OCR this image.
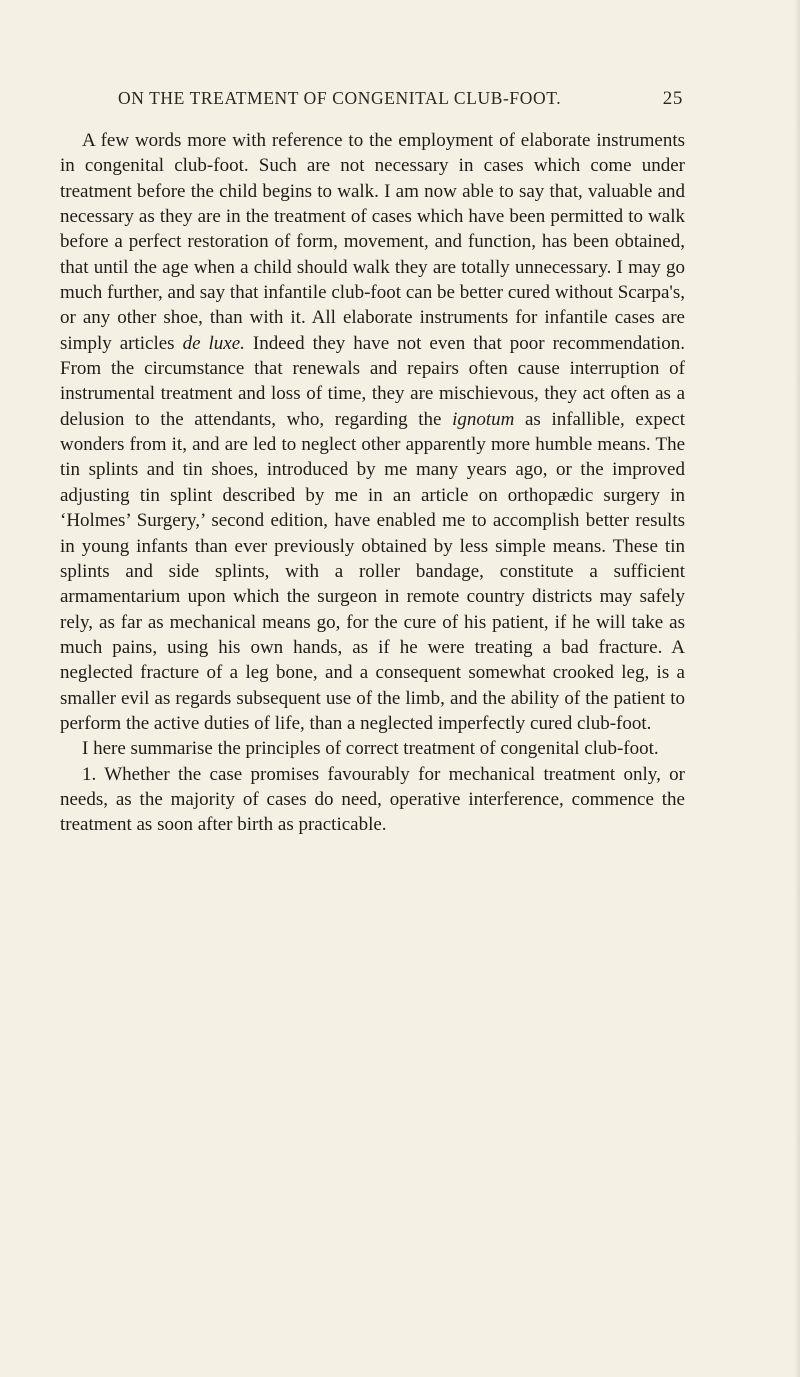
ON THE TREATMENT OF CONGENITAL CLUB-FOOT.	25

A few words more with reference to the employment of elaborate instruments in congenital club-foot. Such are not necessary in cases which come under treatment before the child begins to walk. I am now able to say that, valuable and necessary as they are in the treatment of cases which have been permitted to walk before a perfect restoration of form, movement, and function, has been obtained, that until the age when a child should walk they are totally unnecessary. I may go much further, and say that infantile club-foot can be better cured without Scarpa's, or any other shoe, than with it. All elaborate instruments for infantile cases are simply articles de luxe. Indeed they have not even that poor recommendation. From the circumstance that renewals and repairs often cause interruption of instrumental treatment and loss of time, they are mischievous, they act often as a delusion to the attendants, who, regarding the ignotum as infallible, expect wonders from it, and are led to neglect other apparently more humble means. The tin splints and tin shoes, introduced by me many years ago, or the improved adjusting tin splint described by me in an article on orthopædic surgery in ‘Holmes’ Surgery,’ second edition, have enabled me to accomplish better results in young infants than ever previously obtained by less simple means. These tin splints and side splints, with a roller bandage, constitute a sufficient armamentarium upon which the surgeon in remote country districts may safely rely, as far as mechanical means go, for the cure of his patient, if he will take as much pains, using his own hands, as if he were treating a bad fracture. A neglected fracture of a leg bone, and a consequent somewhat crooked leg, is a smaller evil as regards subsequent use of the limb, and the ability of the patient to perform the active duties of life, than a neglected imperfectly cured club-foot.

I here summarise the principles of correct treatment of congenital club-foot.

1. Whether the case promises favourably for mechanical treatment only, or needs, as the majority of cases do need, operative interference, commence the treatment as soon after birth as practicable.
